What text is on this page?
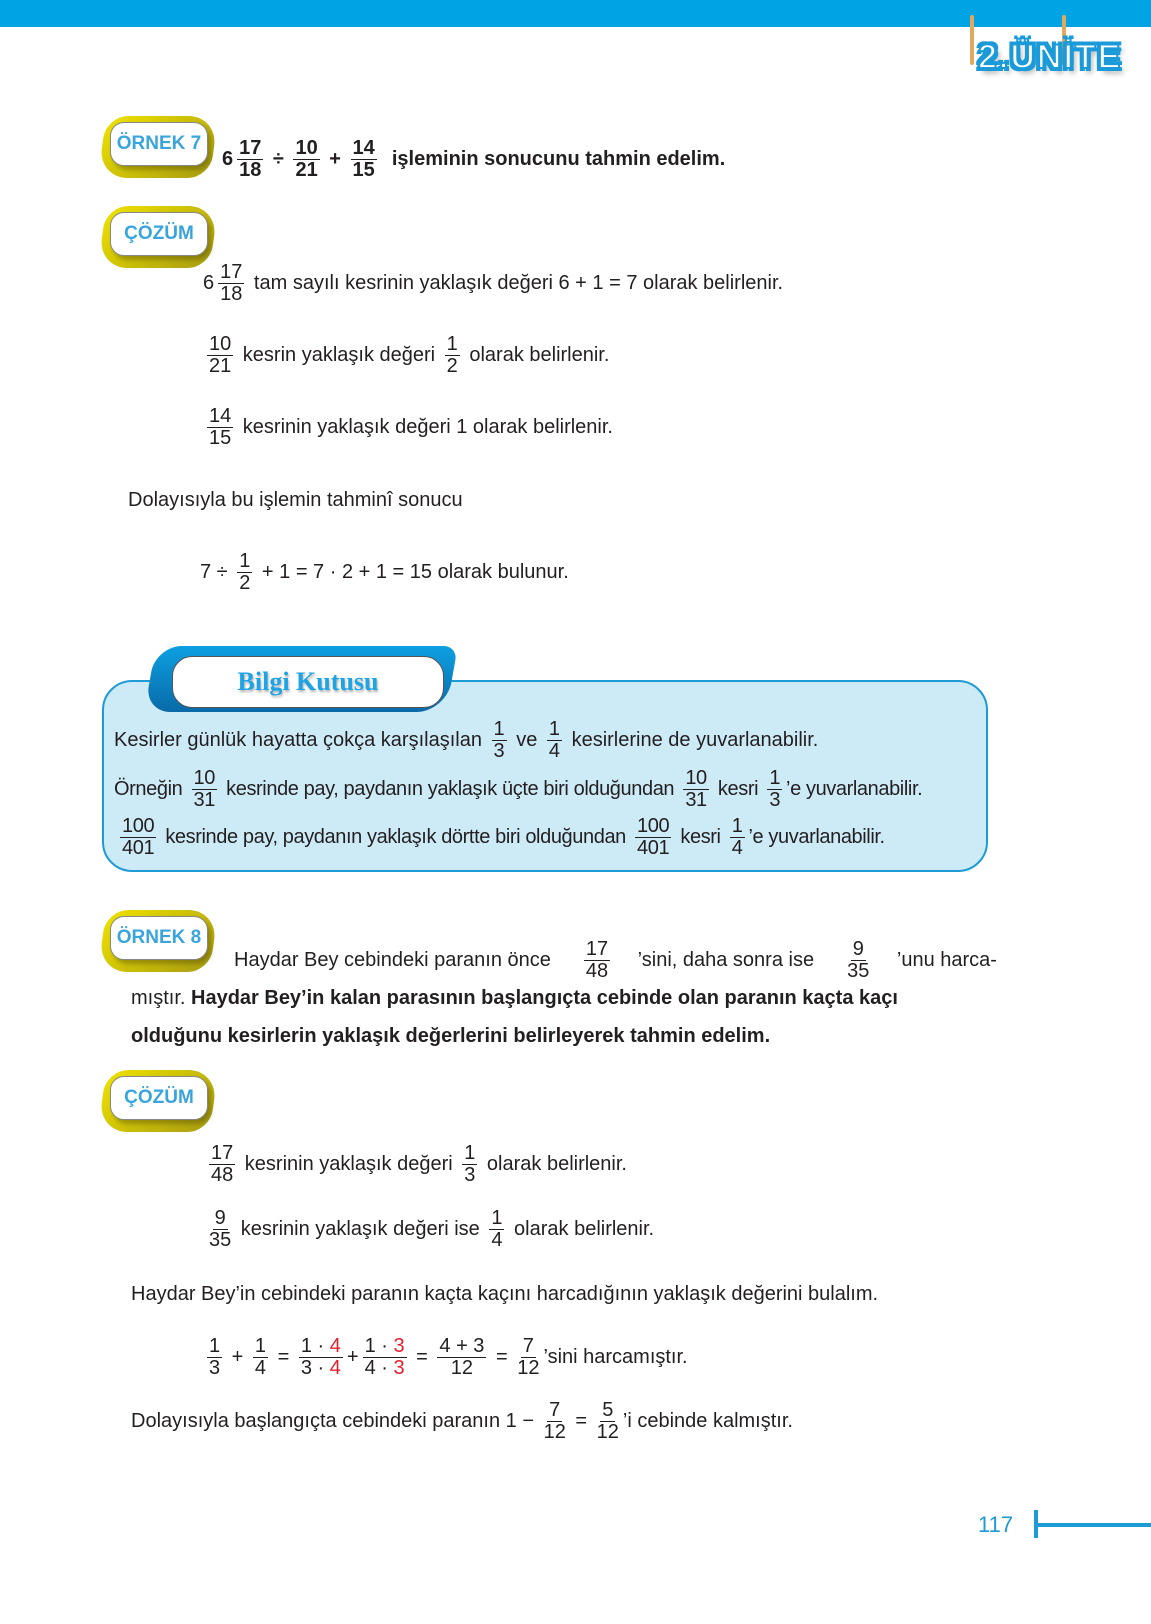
2.ÜNİTE
ÖRNEK 7
$6 \frac{17}{18} \div \frac{10}{21} + \frac{14}{15}$ işleminin sonucunu tahmin edelim.
ÇÖZÜM
$6 \frac{17}{18}$ tam sayılı kesrinin yaklaşık değeri 6 + 1 = 7 olarak belirlenir.
$\frac{10}{21}$ kesrin yaklaşık değeri $\frac{1}{2}$ olarak belirlenir.
$\frac{14}{15}$ kesrinin yaklaşık değeri 1 olarak belirlenir.
Dolayısıyla bu işlemin tahminî sonucu
$7 \div \frac{1}{2} + 1 = 7 \cdot 2 + 1 = 15$ olarak bulunur.
Bilgi Kutusu
Kesirler günlük hayatta çokça karşılaşılan $\frac{1}{3}$ ve $\frac{1}{4}$ kesirlerine de yuvarlanabilir.
Örneğin $\frac{10}{31}$ kesrinde pay, paydanın yaklaşık üçte biri olduğundan $\frac{10}{31}$ kesri $\frac{1}{3}$ ’e yuvarlanabilir.
$\frac{100}{401}$ kesrinde pay, paydanın yaklaşık dörtte biri olduğundan $\frac{100}{401}$ kesri $\frac{1}{4}$ ’e yuvarlanabilir.
ÖRNEK 8
Haydar Bey cebindeki paranın önce $\frac{17}{48}$ ’sini, daha sonra ise $\frac{9}{35}$ ’unu harca-
mıştır. Haydar Bey’in kalan parasının başlangıçta cebinde olan paranın kaçta kaçı
olduğunu kesirlerin yaklaşık değerlerini belirleyerek tahmin edelim.
ÇÖZÜM
$\frac{17}{48}$ kesrinin yaklaşık değeri $\frac{1}{3}$ olarak belirlenir.
$\frac{9}{35}$ kesrinin yaklaşık değeri ise $\frac{1}{4}$ olarak belirlenir.
Haydar Bey’in cebindeki paranın kaçta kaçını harcadığının yaklaşık değerini bulalım.
$\frac{1}{3} + \frac{1}{4} = \frac{1 \cdot 4}{3 \cdot 4} + \frac{1 \cdot 3}{4 \cdot 3} = \frac{4 + 3}{12} = \frac{7}{12}$ ’sini harcamıştır.
Dolayısıyla başlangıçta cebindeki paranın $1 - \frac{7}{12} = \frac{5}{12}$ ’i cebinde kalmıştır.
117
